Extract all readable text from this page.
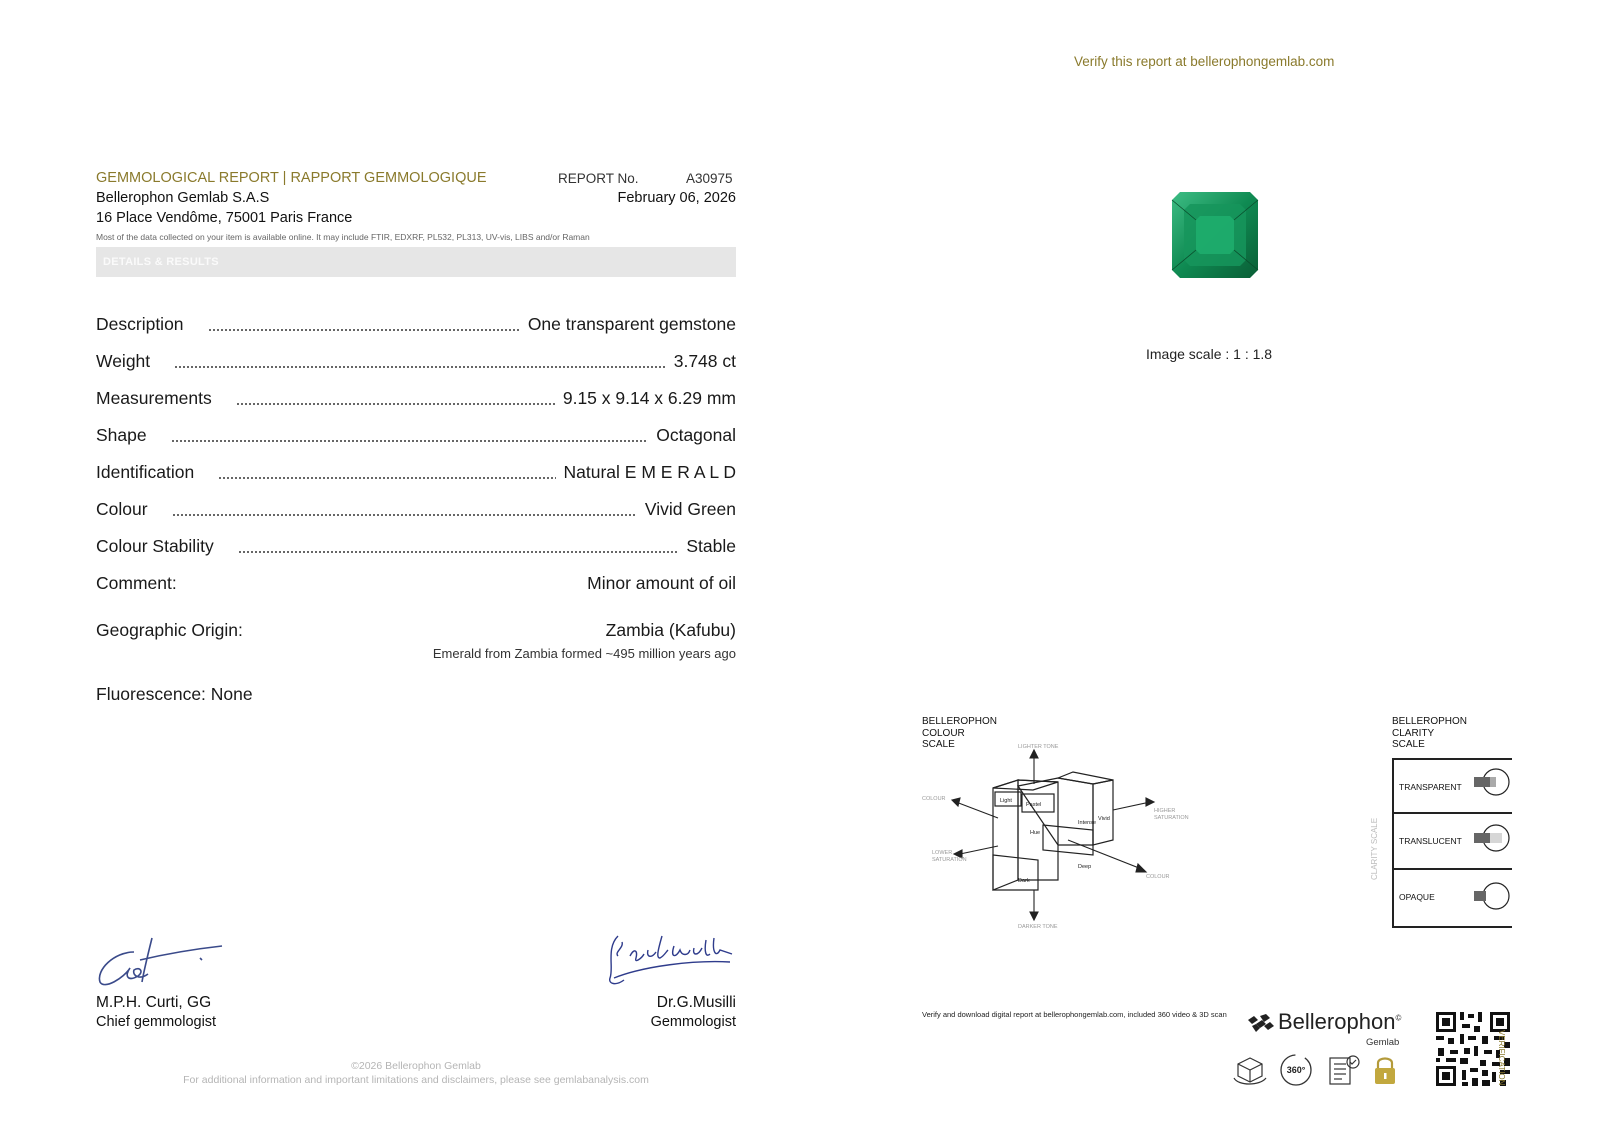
Verify this report at bellerophongemlab.com
GEMMOLOGICAL REPORT | RAPPORT GEMMOLOGIQUE
Bellerophon Gemlab S.A.S
16 Place Vendôme, 75001 Paris France
REPORT No.	A30975
February 06, 2026
Most of the data collected on your item is available online. It may include FTIR, EDXRF, PL532, PL313, UV-vis, LIBS and/or Raman
DETAILS & RESULTS
Description	One transparent gemstone
Weight	3.748 ct
Measurements	9.15 x 9.14 x 6.29 mm
Shape	Octagonal
Identification	Natural E M E R A L D
Colour	Vivid Green
Colour Stability	Stable
Comment:	Minor amount of oil
Geographic Origin:	Zambia (Kafubu)
Emerald from Zambia formed ~495 million years ago
Fluorescence: None
M.P.H. Curti, GG
Chief gemmologist
Dr.G.Musilli
Gemmologist
©2026 Bellerophon Gemlab
For additional information and important limitations and disclaimers, please see gemlabanalysis.com
Image scale : 1 : 1.8
BELLEROPHON
COLOUR
SCALE	LIGHTER TONE
DARKER TONE
COLOUR
COLOUR
LOWER
SATURATION
HIGHER
SATURATION
Light
Pastel
Hue
Intense
Vivid
Dark
Deep
BELLEROPHON
CLARITY
SCALE
CLARITY SCALE
TRANSPARENT
TRANSLUCENT
OPAQUE
Verify and download digital report at bellerophongemlab.com, included 360 video & 3D scan Bellerophon©
Gemlab
360°	VERIFICATION
